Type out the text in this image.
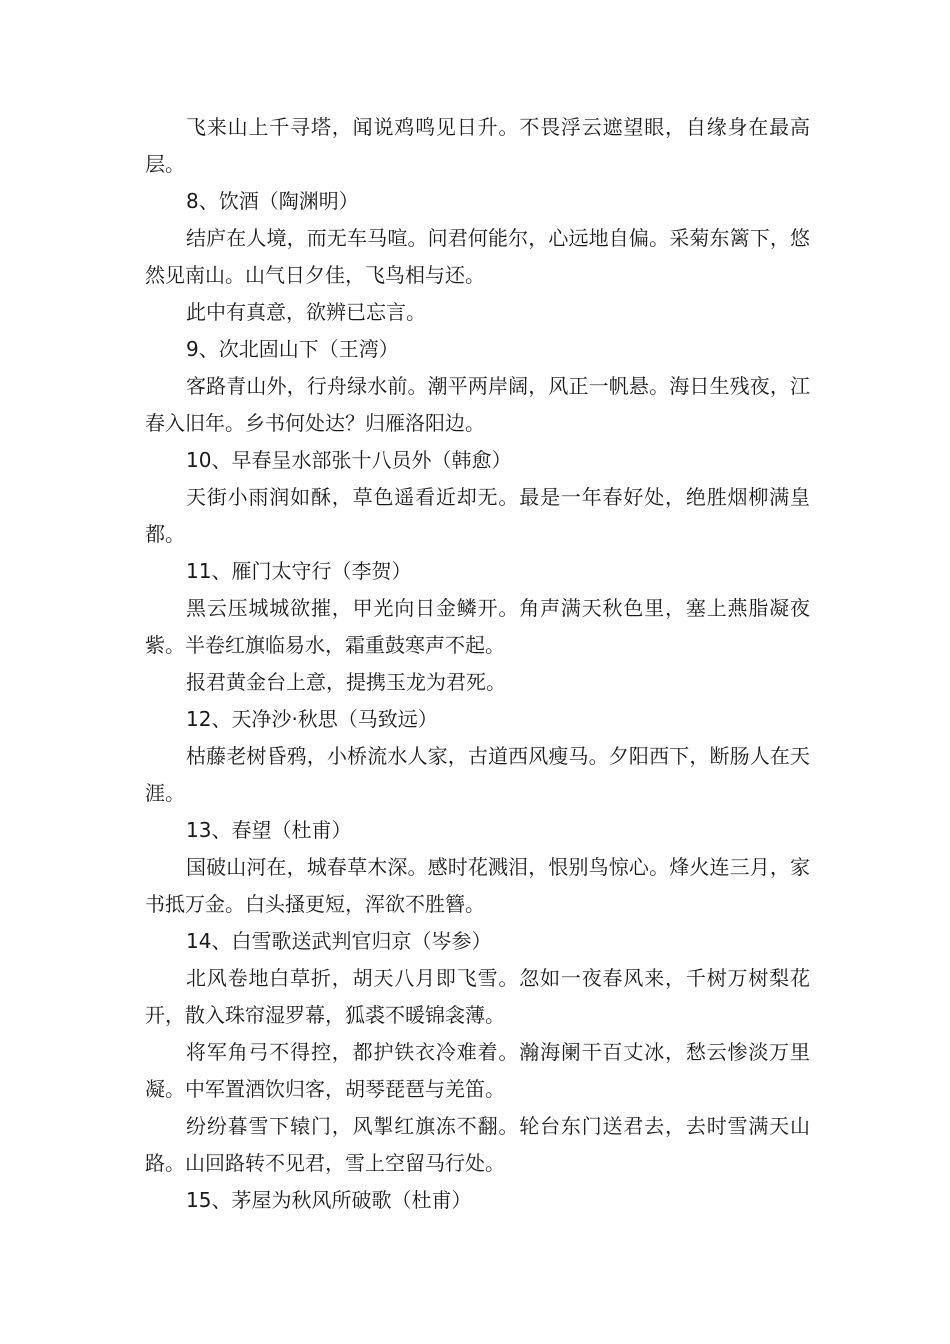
飞来山上千寻塔，闻说鸡鸣见日升。不畏浮云遮望眼，自缘身在最高层。

8、饮酒（陶渊明）

结庐在人境，而无车马喧。问君何能尔，心远地自偏。采菊东篱下，悠然见南山。山气日夕佳，飞鸟相与还。

此中有真意，欲辨已忘言。

9、次北固山下（王湾）

客路青山外，行舟绿水前。潮平两岸阔，风正一帆悬。海日生残夜，江春入旧年。乡书何处达？归雁洛阳边。

10、早春呈水部张十八员外（韩愈）

天街小雨润如酥，草色遥看近却无。最是一年春好处，绝胜烟柳满皇都。

11、雁门太守行（李贺）

黑云压城城欲摧，甲光向日金鳞开。角声满天秋色里，塞上燕脂凝夜紫。半卷红旗临易水，霜重鼓寒声不起。

报君黄金台上意，提携玉龙为君死。

12、天净沙·秋思（马致远）

枯藤老树昏鸦，小桥流水人家，古道西风瘦马。夕阳西下，断肠人在天涯。

13、春望（杜甫）

国破山河在，城春草木深。感时花溅泪，恨别鸟惊心。烽火连三月，家书抵万金。白头搔更短，浑欲不胜簪。

14、白雪歌送武判官归京（岑参）

北风卷地白草折，胡天八月即飞雪。忽如一夜春风来，千树万树梨花开，散入珠帘湿罗幕，狐裘不暖锦衾薄。

将军角弓不得控，都护铁衣冷难着。瀚海阑干百丈冰，愁云惨淡万里凝。中军置酒饮归客，胡琴琵琶与羌笛。

纷纷暮雪下辕门，风掣红旗冻不翻。轮台东门送君去，去时雪满天山路。山回路转不见君，雪上空留马行处。

15、茅屋为秋风所破歌（杜甫）
